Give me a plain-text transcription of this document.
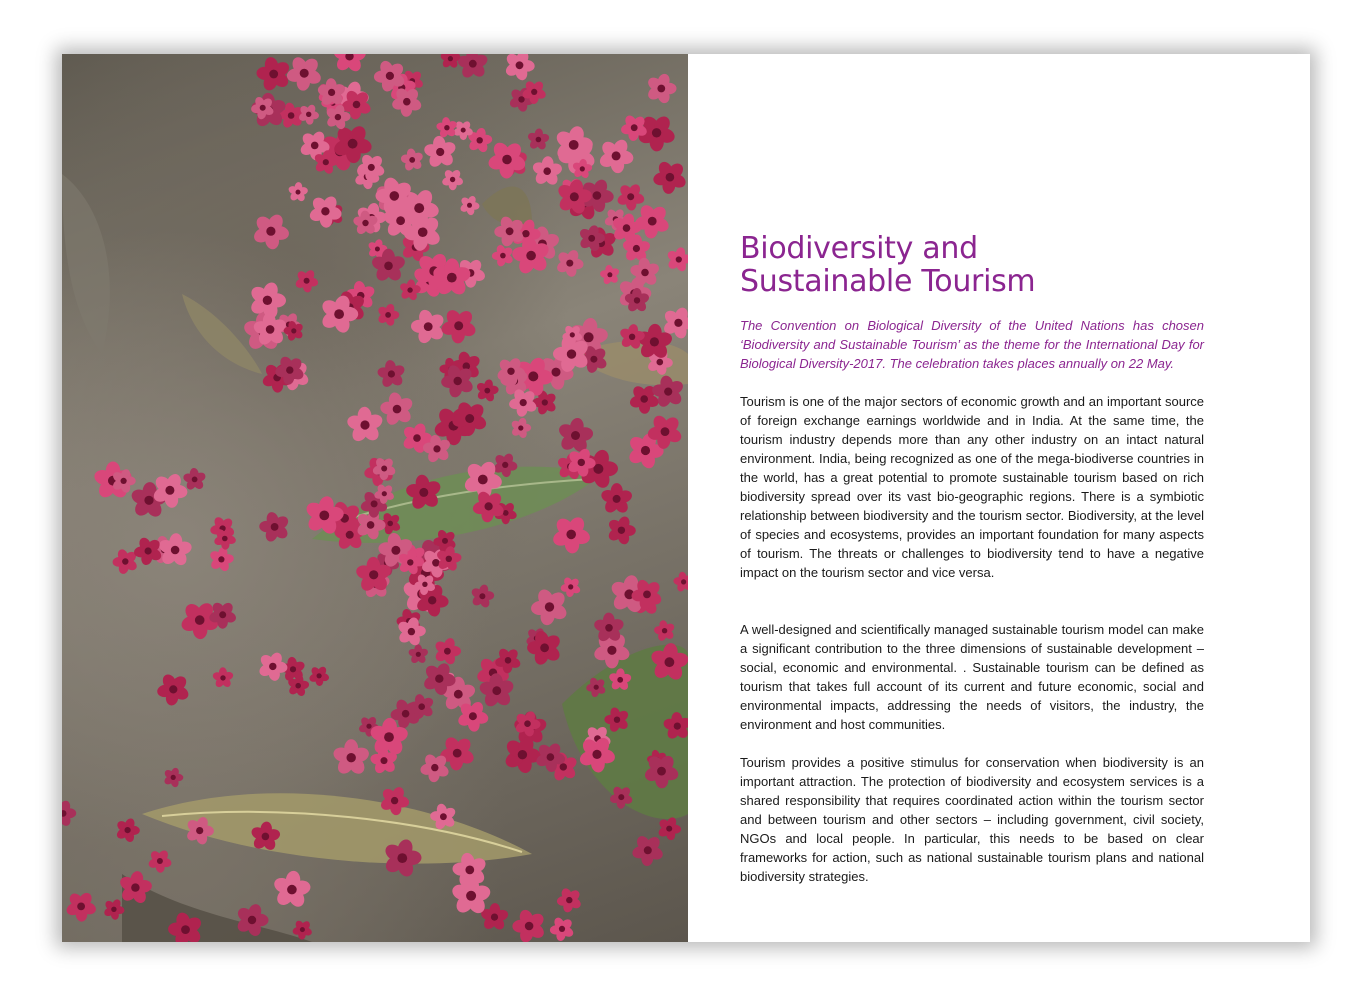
Biodiversity and
Sustainable Tourism

The Convention on Biological Diversity of the United Nations has chosen ‘Biodiversity and Sustainable Tourism’ as the theme for the International Day for Biological Diversity-2017. The celebration takes places annually on 22 May.

Tourism is one of the major sectors of economic growth and an important source of foreign exchange earnings worldwide and in India. At the same time, the tourism industry depends more than any other industry on an intact natural environment. India, being recognized as one of the mega-biodiverse countries in the world, has a great potential to promote sustainable tourism based on rich biodiversity spread over its vast bio-geographic regions. There is a symbiotic relationship between biodiversity and the tourism sector. Biodiversity, at the level of species and ecosystems, provides an important foundation for many aspects of tourism. The threats or challenges to biodiversity tend to have a negative impact on the tourism sector and vice versa.

A well-designed and scientifically managed sustainable tourism model can make a significant contribution to the three dimensions of sustainable development – social, economic and environmental. . Sustainable tourism can be defined as tourism that takes full account of its current and future economic, social and environmental impacts, addressing the needs of visitors, the industry, the environment and host communities.

Tourism provides a positive stimulus for conservation when biodiversity is an important attraction. The protection of biodiversity and ecosystem services is a shared responsibility that requires coordinated action within the tourism sector and between tourism and other sectors – including government, civil society, NGOs and local people. In particular, this needs to be based on clear frameworks for action, such as national sustainable tourism plans and national biodiversity strategies.
